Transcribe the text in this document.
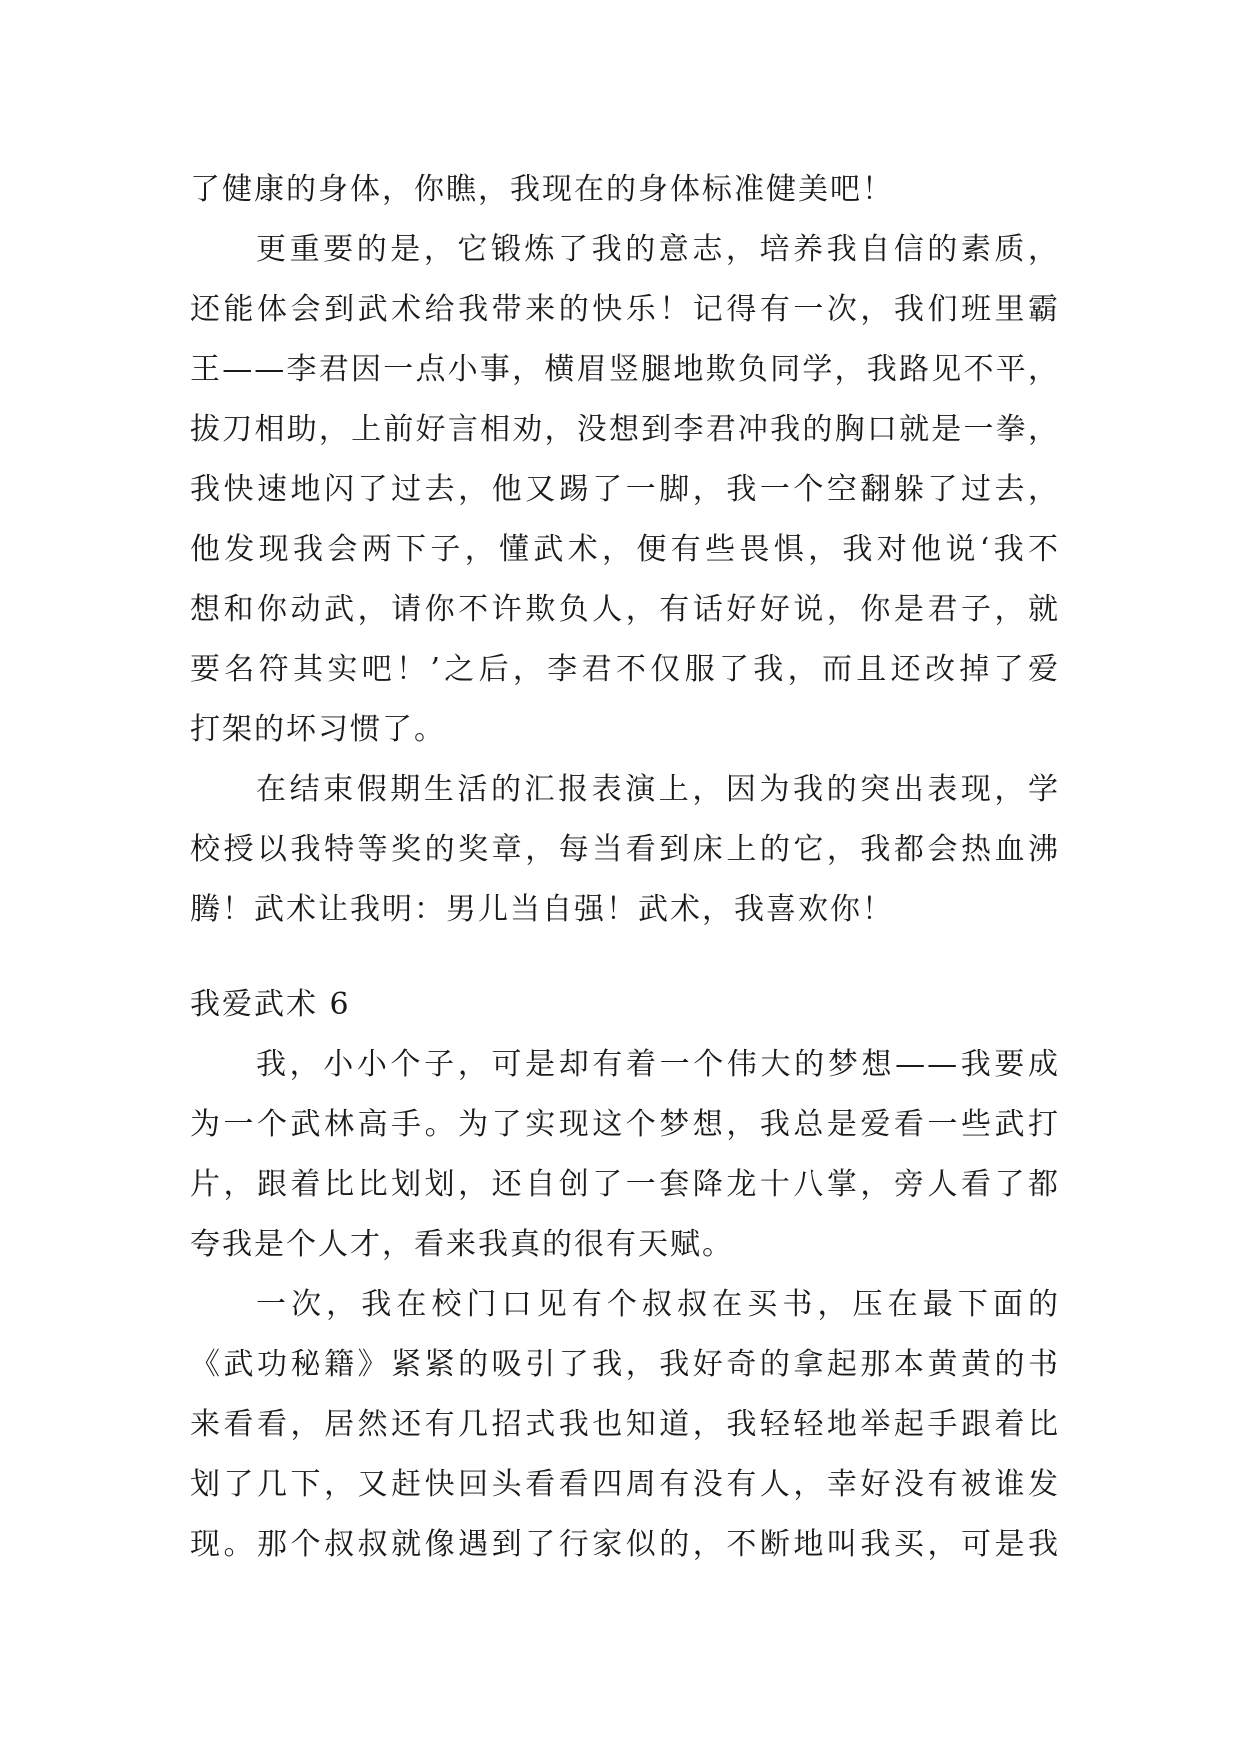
了健康的身体，你瞧，我现在的身体标准健美吧！
更重要的是，它锻炼了我的意志，培养我自信的素质，
还能体会到武术给我带来的快乐！记得有一次，我们班里霸
王——李君因一点小事，横眉竖腿地欺负同学，我路见不平，
拔刀相助，上前好言相劝，没想到李君冲我的胸口就是一拳，
我快速地闪了过去，他又踢了一脚，我一个空翻躲了过去，
他发现我会两下子，懂武术，便有些畏惧，我对他说‘我不
想和你动武，请你不许欺负人，有话好好说，你是君子，就
要名符其实吧！’之后，李君不仅服了我，而且还改掉了爱
打架的坏习惯了。
在结束假期生活的汇报表演上，因为我的突出表现，学
校授以我特等奖的奖章，每当看到床上的它，我都会热血沸
腾！武术让我明：男儿当自强！武术，我喜欢你！
我爱武术 6
我，小小个子，可是却有着一个伟大的梦想——我要成
为一个武林高手。为了实现这个梦想，我总是爱看一些武打
片，跟着比比划划，还自创了一套降龙十八掌，旁人看了都
夸我是个人才，看来我真的很有天赋。
一次，我在校门口见有个叔叔在买书，压在最下面的
《武功秘籍》紧紧的吸引了我，我好奇的拿起那本黄黄的书
来看看，居然还有几招式我也知道，我轻轻地举起手跟着比
划了几下，又赶快回头看看四周有没有人，幸好没有被谁发
现。那个叔叔就像遇到了行家似的，不断地叫我买，可是我
